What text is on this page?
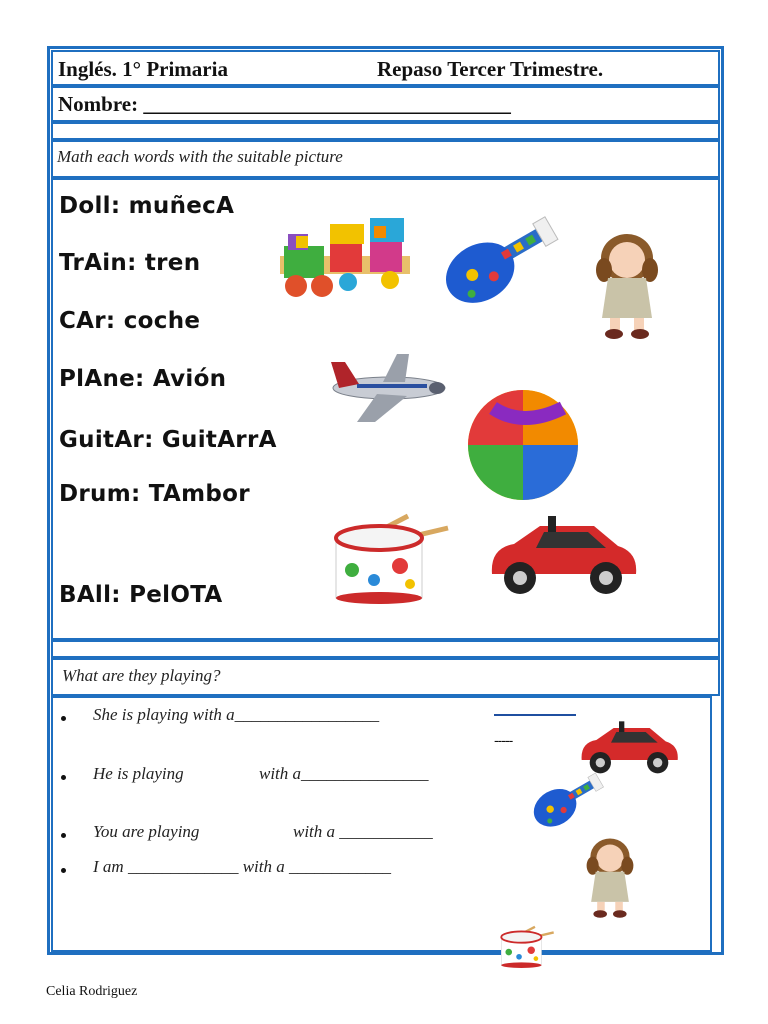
Inglés. 1° Primaria	Repaso Tercer Trimestre.
Nombre: ___________________________________
Math each words with the suitable picture
Doll: muñecA
TrAin: tren
CAr: coche
PlAne: Avión
GuitAr: GuitArrA
Drum: TAmbor
BAll: PelOTA
What are they playing?
She is playing with a_________________
He is playing	with a_______________
You are playing	with a ___________
I am _____________ with a ____________
-----
Celia Rodriguez
